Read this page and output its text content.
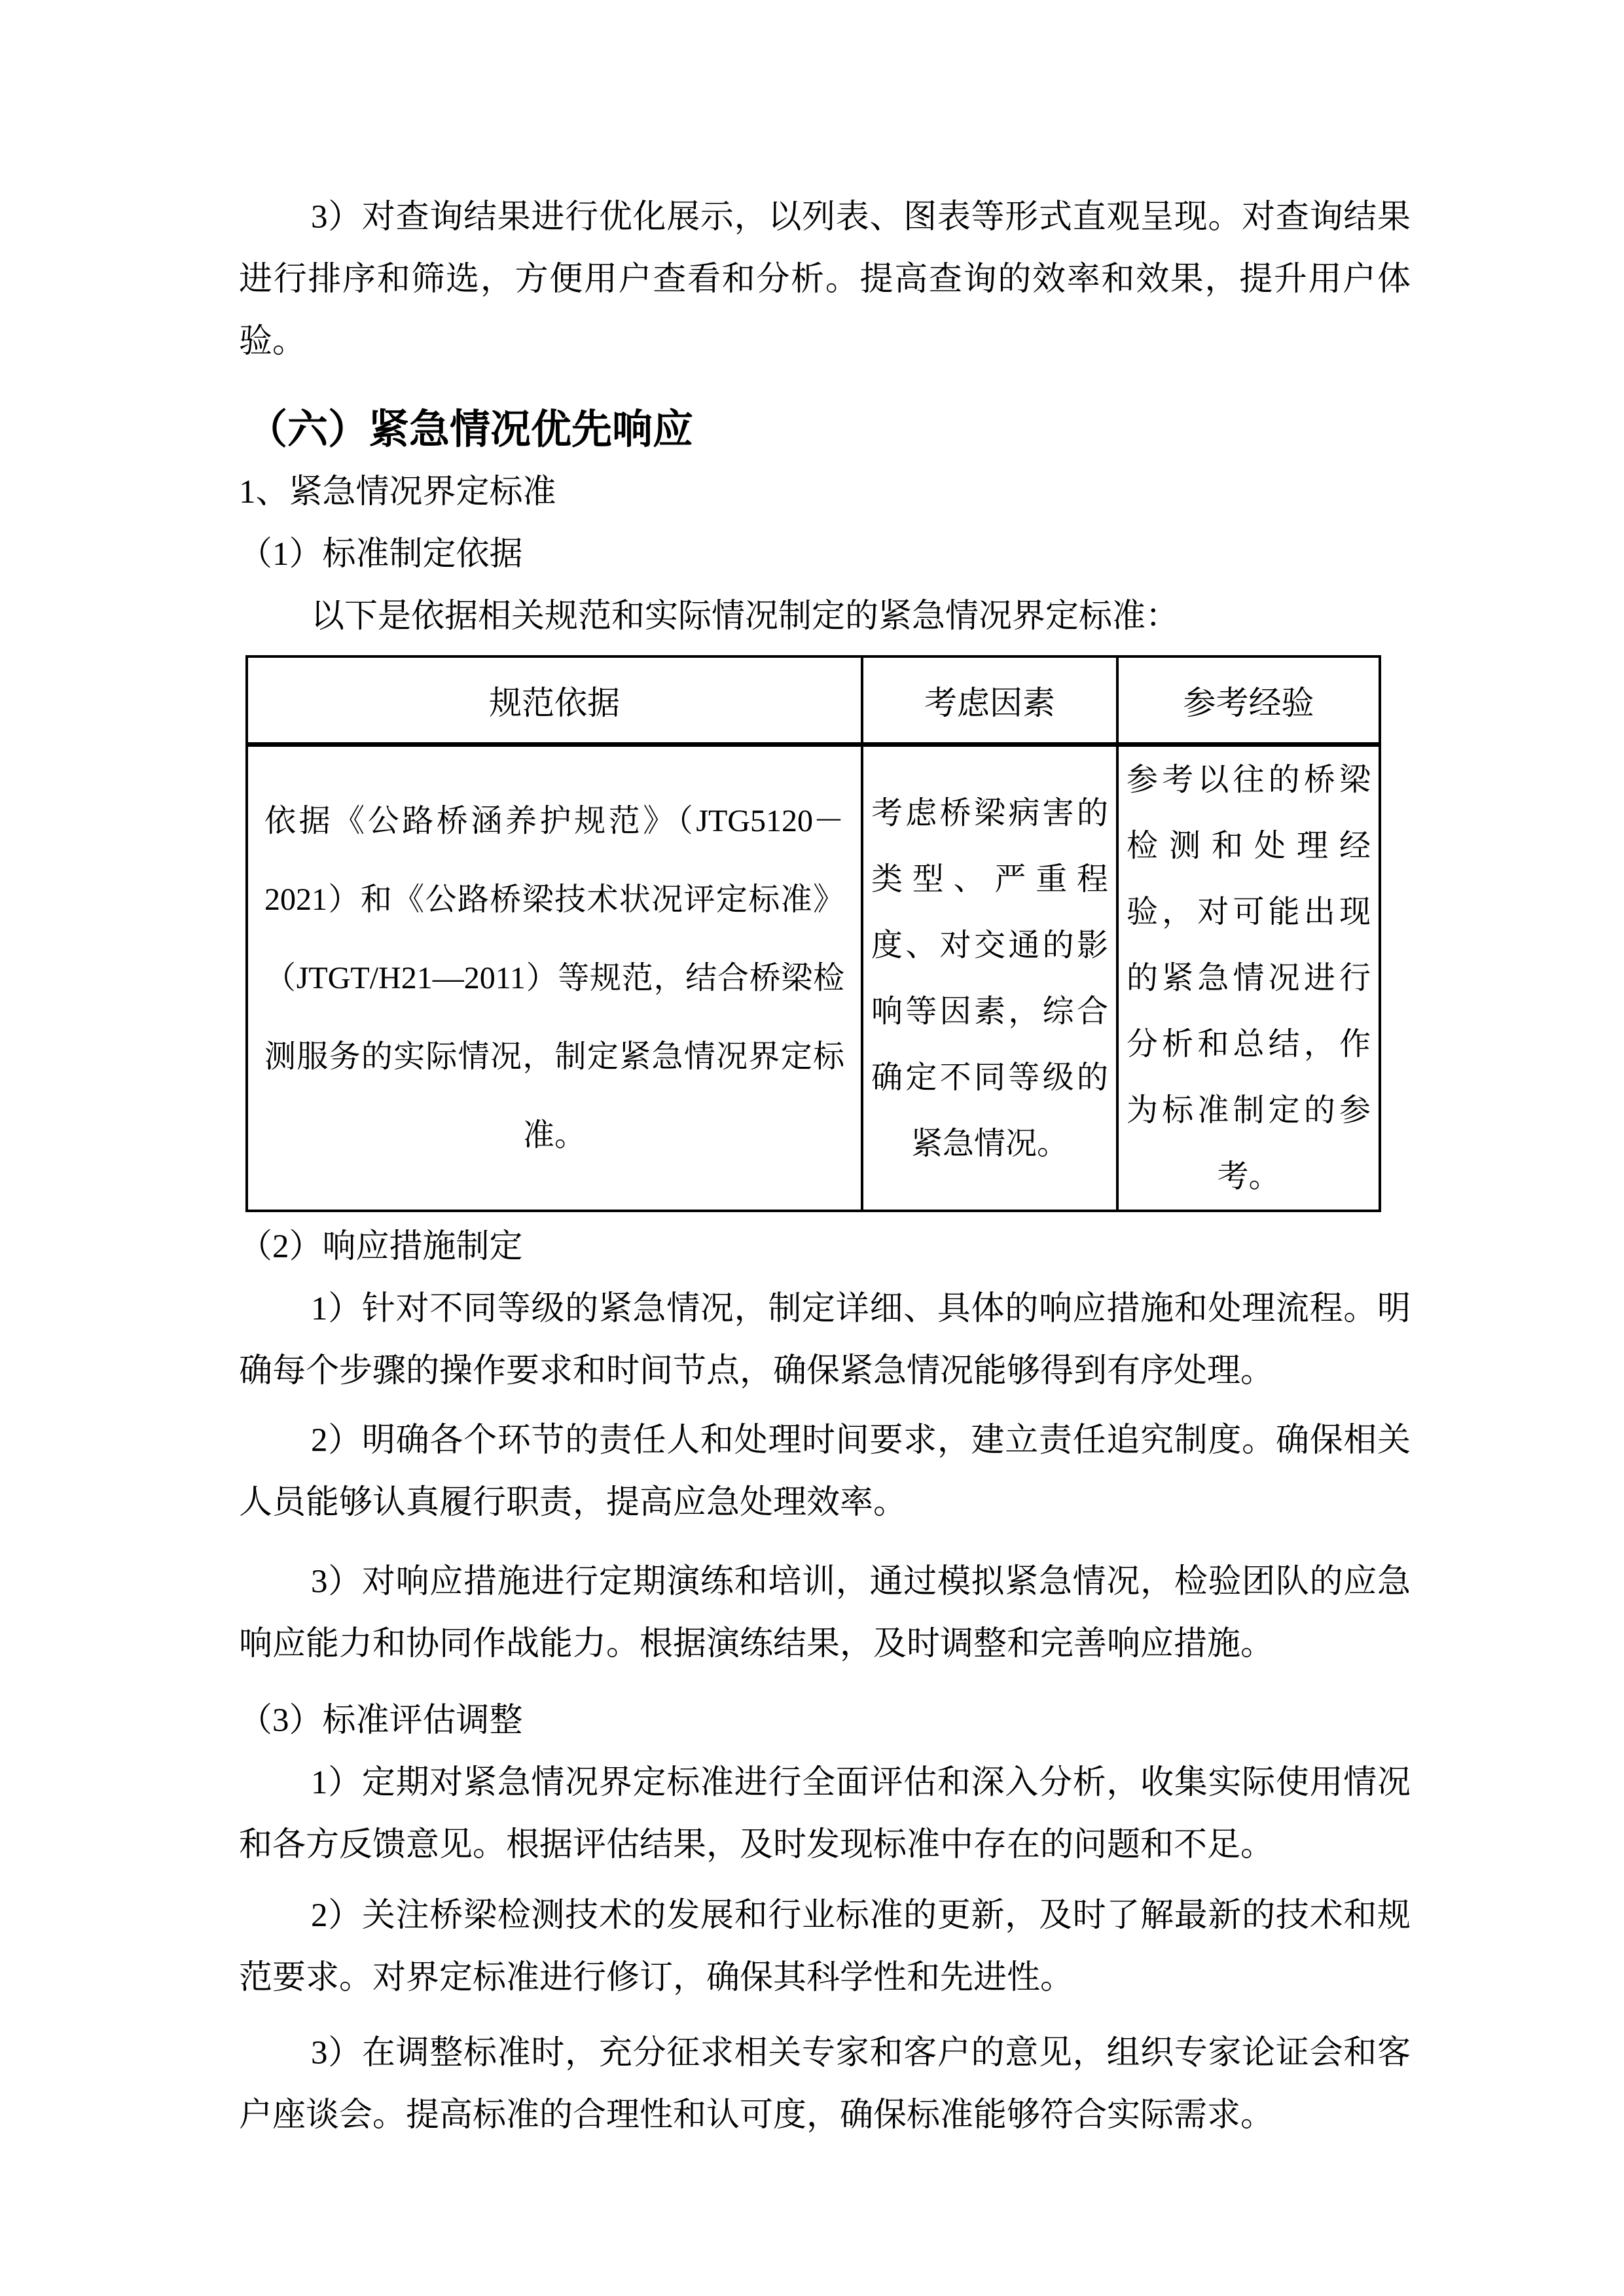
3）对查询结果进行优化展示，以列表、图表等形式直观呈现。对查询结果进行排序和筛选，方便用户查看和分析。提高查询的效率和效果，提升用户体验。

（六）紧急情况优先响应
1、紧急情况界定标准
（1）标准制定依据

以下是依据相关规范和实际情况制定的紧急情况界定标准：

规范依据	考虑因素	参考经验
依据《公路桥涵养护规范》（JTG5120－2021）和《公路桥梁技术状况评定标准》（JTGT/H21—2011）等规范，结合桥梁检测服务的实际情况，制定紧急情况界定标准。	考虑桥梁病害的类型、严重程度、对交通的影响等因素，综合确定不同等级的紧急情况。	参考以往的桥梁检测和处理经验，对可能出现的紧急情况进行分析和总结，作为标准制定的参考。
（2）响应措施制定

1）针对不同等级的紧急情况，制定详细、具体的响应措施和处理流程。明确每个步骤的操作要求和时间节点，确保紧急情况能够得到有序处理。

2）明确各个环节的责任人和处理时间要求，建立责任追究制度。确保相关人员能够认真履行职责，提高应急处理效率。

3）对响应措施进行定期演练和培训，通过模拟紧急情况，检验团队的应急响应能力和协同作战能力。根据演练结果，及时调整和完善响应措施。

（3）标准评估调整

1）定期对紧急情况界定标准进行全面评估和深入分析，收集实际使用情况和各方反馈意见。根据评估结果，及时发现标准中存在的问题和不足。

2）关注桥梁检测技术的发展和行业标准的更新，及时了解最新的技术和规范要求。对界定标准进行修订，确保其科学性和先进性。

3）在调整标准时，充分征求相关专家和客户的意见，组织专家论证会和客户座谈会。提高标准的合理性和认可度，确保标准能够符合实际需求。
